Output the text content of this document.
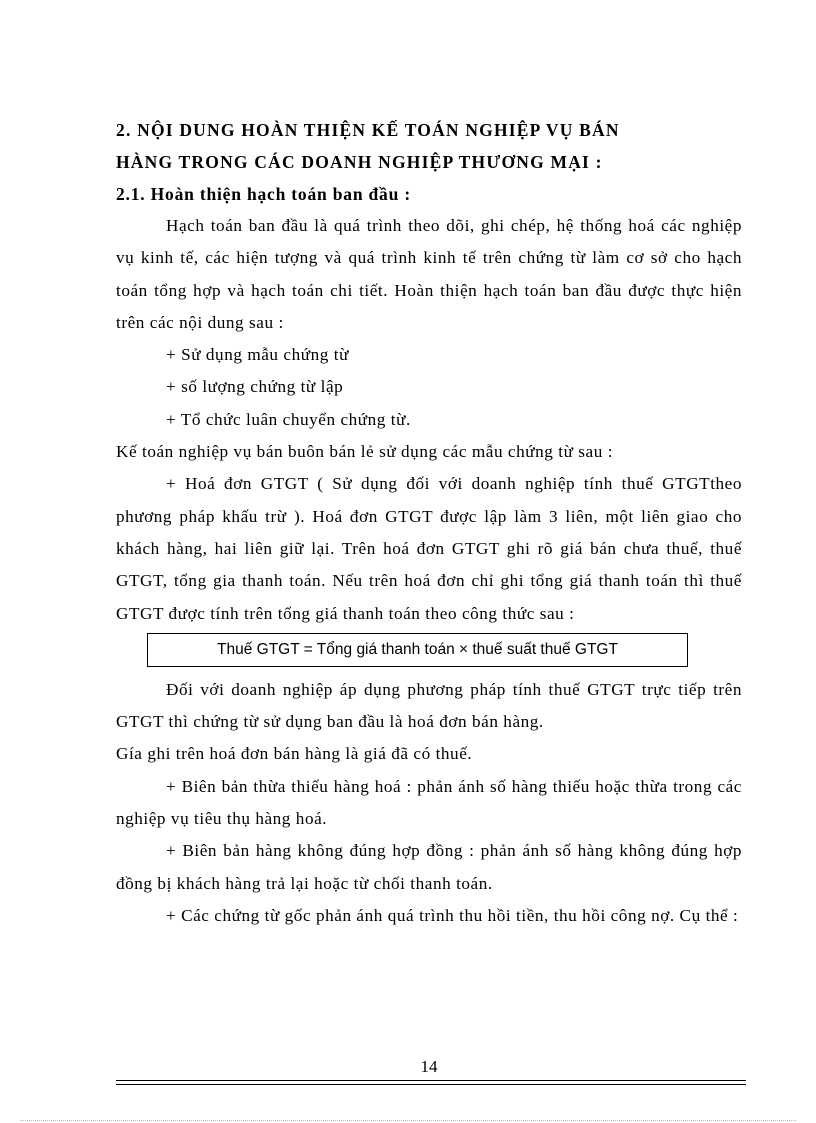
2. NỘI DUNG HOÀN THIỆN KẾ TOÁN NGHIỆP VỤ BÁN

HÀNG TRONG CÁC DOANH NGHIỆP THƯƠNG MẠI :

2.1. Hoàn thiện hạch toán ban đầu :

Hạch toán ban đầu là quá trình theo dõi, ghi chép, hệ thống hoá các nghiệp vụ kinh tế, các hiện tượng và quá trình kinh tế trên chứng từ làm cơ sở cho hạch toán tổng hợp và hạch toán chi tiết. Hoàn thiện hạch toán ban đầu được thực hiện trên các nội dung sau :

+ Sử dụng mẫu chứng từ

+ số lượng chứng từ lập

+ Tổ chức luân chuyển chứng từ.

Kế toán nghiệp vụ bán buôn bán lẻ sử dụng các mẫu chứng từ sau :

+ Hoá đơn GTGT ( Sử dụng đối với doanh nghiệp tính thuế GTGTtheo phương pháp khấu trừ ). Hoá đơn GTGT được lập làm 3 liên, một liên giao cho khách hàng, hai liên giữ lại. Trên hoá đơn GTGT ghi rõ giá bán chưa thuế, thuế GTGT, tổng gia thanh toán. Nếu trên hoá đơn chỉ ghi tổng giá thanh toán thì thuế GTGT được tính trên tổng giá thanh toán theo công thức sau :

Thuế GTGT = Tổng giá thanh toán × thuế suất thuế GTGT

Đối với doanh nghiệp áp dụng phương pháp tính thuế GTGT trực tiếp trên GTGT thì chứng từ sử dụng ban đầu là hoá đơn bán hàng.

Gía ghi trên hoá đơn bán hàng là giá đã có thuế.

+ Biên bản thừa thiếu hàng hoá : phản ánh số hàng thiếu hoặc thừa trong các nghiệp vụ tiêu thụ hàng hoá.

+ Biên bản hàng không đúng hợp đồng : phản ánh số hàng không đúng hợp đồng bị khách hàng trả lại hoặc từ chối thanh toán.

+ Các chứng từ gốc phản ánh quá trình thu hồi tiền, thu hồi công nợ. Cụ thể :

14
